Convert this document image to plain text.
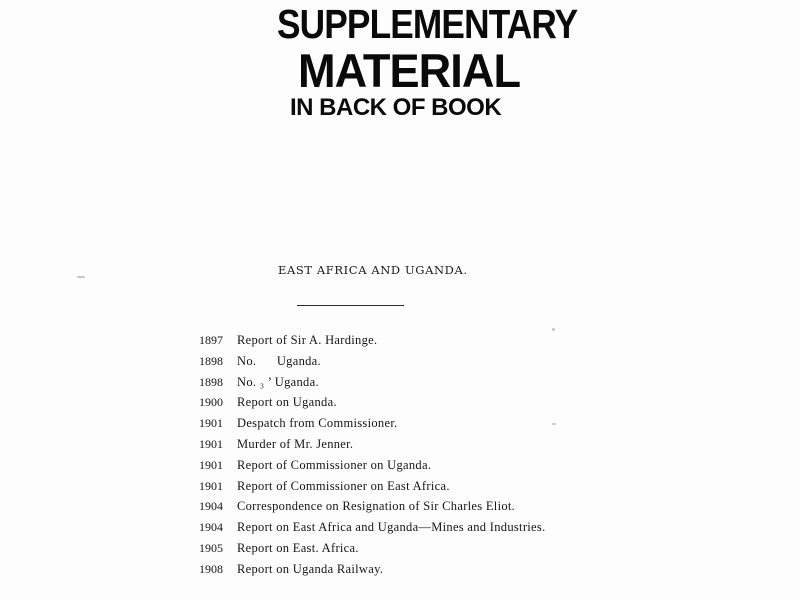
SUPPLEMENTARY
MATERIAL
IN BACK OF BOOK
EAST AFRICA AND UGANDA.
1897	Report of Sir A. Hardinge.
1898	No.      Uganda.
1898	No. ₃ ’ Uganda.
1900	Report on Uganda.
1901	Despatch from Commissioner.
1901	Murder of Mr. Jenner.
1901	Report of Commissioner on Uganda.
1901	Report of Commissioner on East Africa.
1904	Correspondence on Resignation of Sir Charles Eliot.
1904	Report on East Africa and Uganda—Mines and Industries.
1905	Report on East. Africa.
1908	Report on Uganda Railway.
